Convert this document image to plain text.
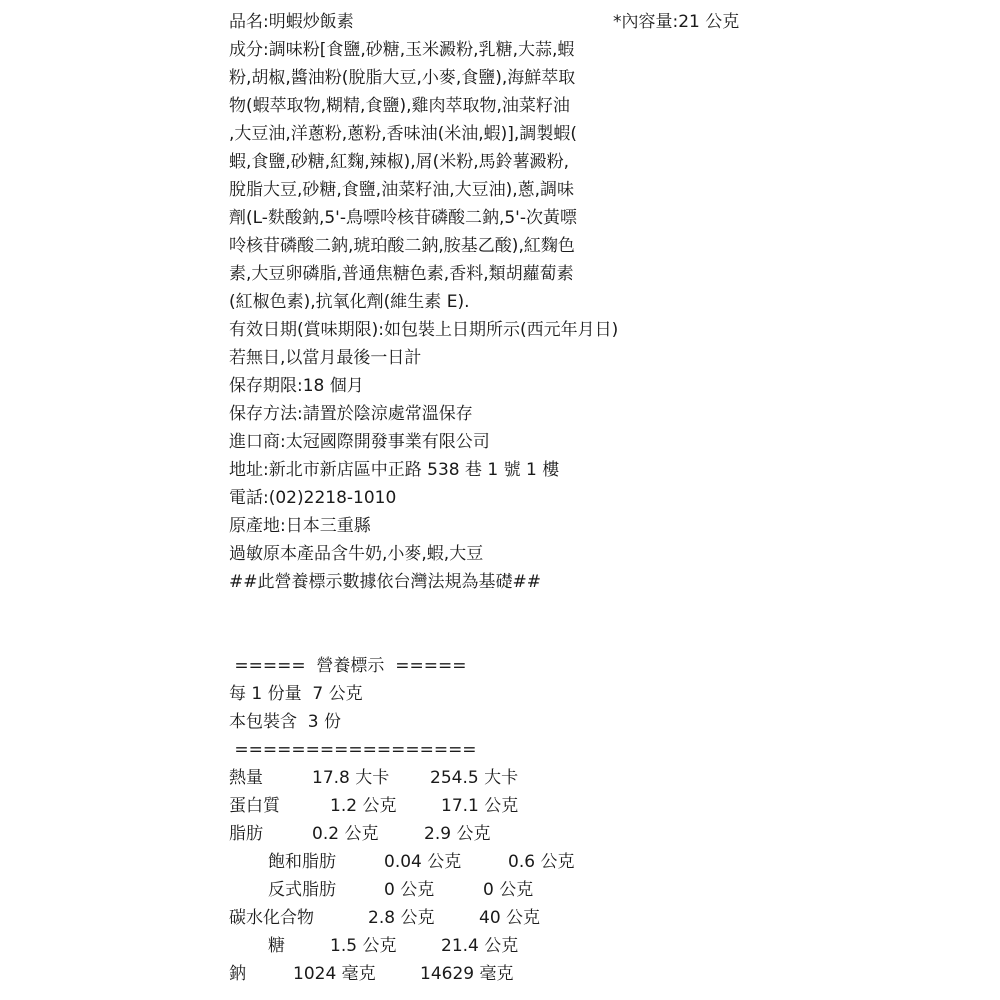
品名:明蝦炒飯素	*內容量:21 公克

成分:調味粉[食鹽,砂糖,玉米澱粉,乳糖,大蒜,蝦

粉,胡椒,醬油粉(脫脂大豆,小麥,食鹽),海鮮萃取

物(蝦萃取物,糊精,食鹽),雞肉萃取物,油菜籽油

,大豆油,洋蔥粉,蔥粉,香味油(米油,蝦)],調製蝦(

蝦,食鹽,砂糖,紅麴,辣椒),屑(米粉,馬鈴薯澱粉,

脫脂大豆,砂糖,食鹽,油菜籽油,大豆油),蔥,調味

劑(L-麩酸鈉,5'-鳥嘌呤核苷磷酸二鈉,5'-次黃嘌

呤核苷磷酸二鈉,琥珀酸二鈉,胺基乙酸),紅麴色

素,大豆卵磷脂,普通焦糖色素,香料,類胡蘿蔔素

(紅椒色素),抗氧化劑(維生素 E).

有效日期(賞味期限):如包裝上日期所示(西元年月日)

若無日,以當月最後一日計

保存期限:18 個月

保存方法:請置於陰涼處常溫保存

進口商:太冠國際開發事業有限公司

地址:新北市新店區中正路 538 巷 1 號 1 樓

電話:(02)2218-1010

原產地:日本三重縣

過敏原本產品含牛奶,小麥,蝦,大豆

##此營養標示數據依台灣法規為基礎##

=====  營養標示  =====

每 1 份量  7 公克

本包裝含  3 份

=================

熱量	17.8 大卡 254.5 大卡
蛋白質	1.2 公克	17.1 公克
脂肪	0.2 公克	2.9 公克
飽和脂肪	0.04 公克	0.6 公克
反式脂肪	0 公克	0 公克
碳水化合物	2.8 公克	40 公克
糖	1.5 公克	21.4 公克
鈉	1024 毫克	14629 毫克
